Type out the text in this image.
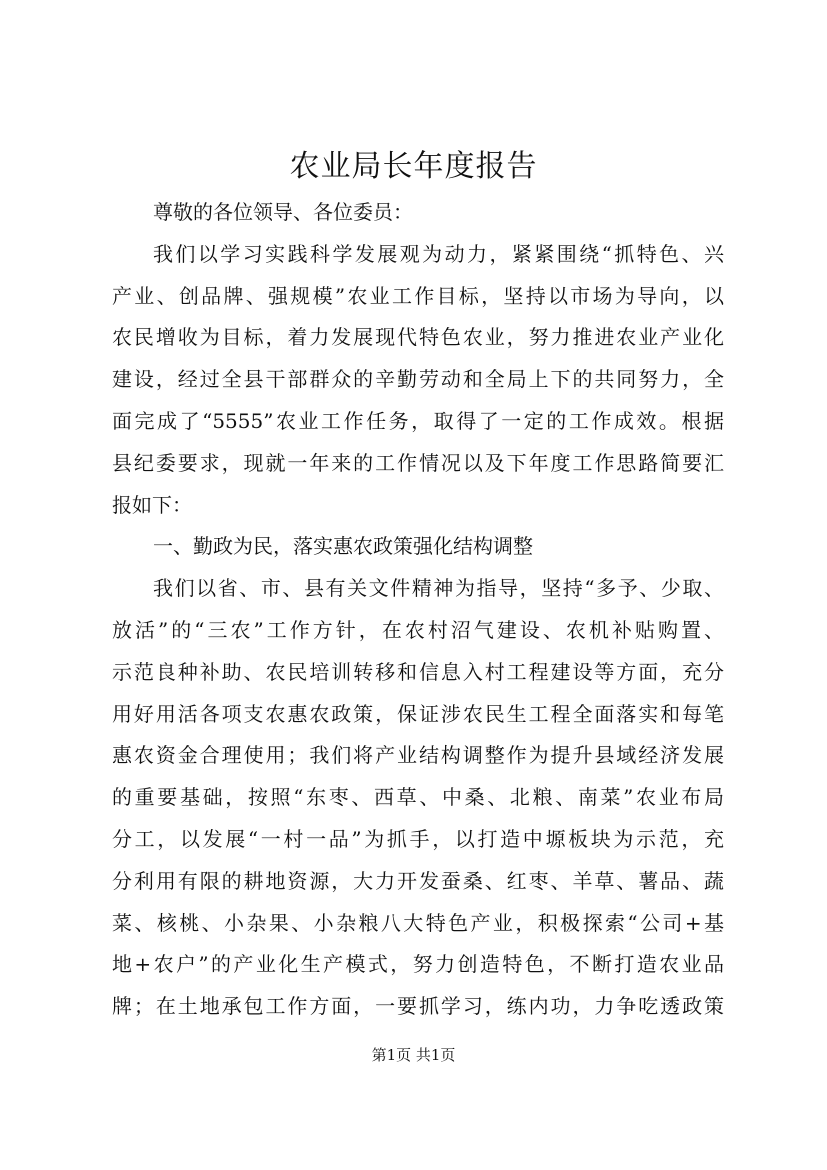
农业局长年度报告
尊敬的各位领导、各位委员：
我们以学习实践科学发展观为动力，紧紧围绕“抓特色、兴
产业、创品牌、强规模”农业工作目标，坚持以市场为导向，以
农民增收为目标，着力发展现代特色农业，努力推进农业产业化
建设，经过全县干部群众的辛勤劳动和全局上下的共同努力，全
面完成了“5555”农业工作任务，取得了一定的工作成效。根据
县纪委要求，现就一年来的工作情况以及下年度工作思路简要汇
报如下：
一、勤政为民，落实惠农政策强化结构调整
我们以省、市、县有关文件精神为指导，坚持“多予、少取、
放活”的“三农”工作方针，在农村沼气建设、农机补贴购置、
示范良种补助、农民培训转移和信息入村工程建设等方面，充分
用好用活各项支农惠农政策，保证涉农民生工程全面落实和每笔
惠农资金合理使用；我们将产业结构调整作为提升县域经济发展
的重要基础，按照“东枣、西草、中桑、北粮、南菜”农业布局
分工，以发展“一村一品”为抓手，以打造中塬板块为示范，充
分利用有限的耕地资源，大力开发蚕桑、红枣、羊草、薯品、蔬
菜、核桃、小杂果、小杂粮八大特色产业，积极探索“公司+基
地+农户”的产业化生产模式，努力创造特色，不断打造农业品
牌；在土地承包工作方面，一要抓学习，练内功，力争吃透政策
第1页 共1页
